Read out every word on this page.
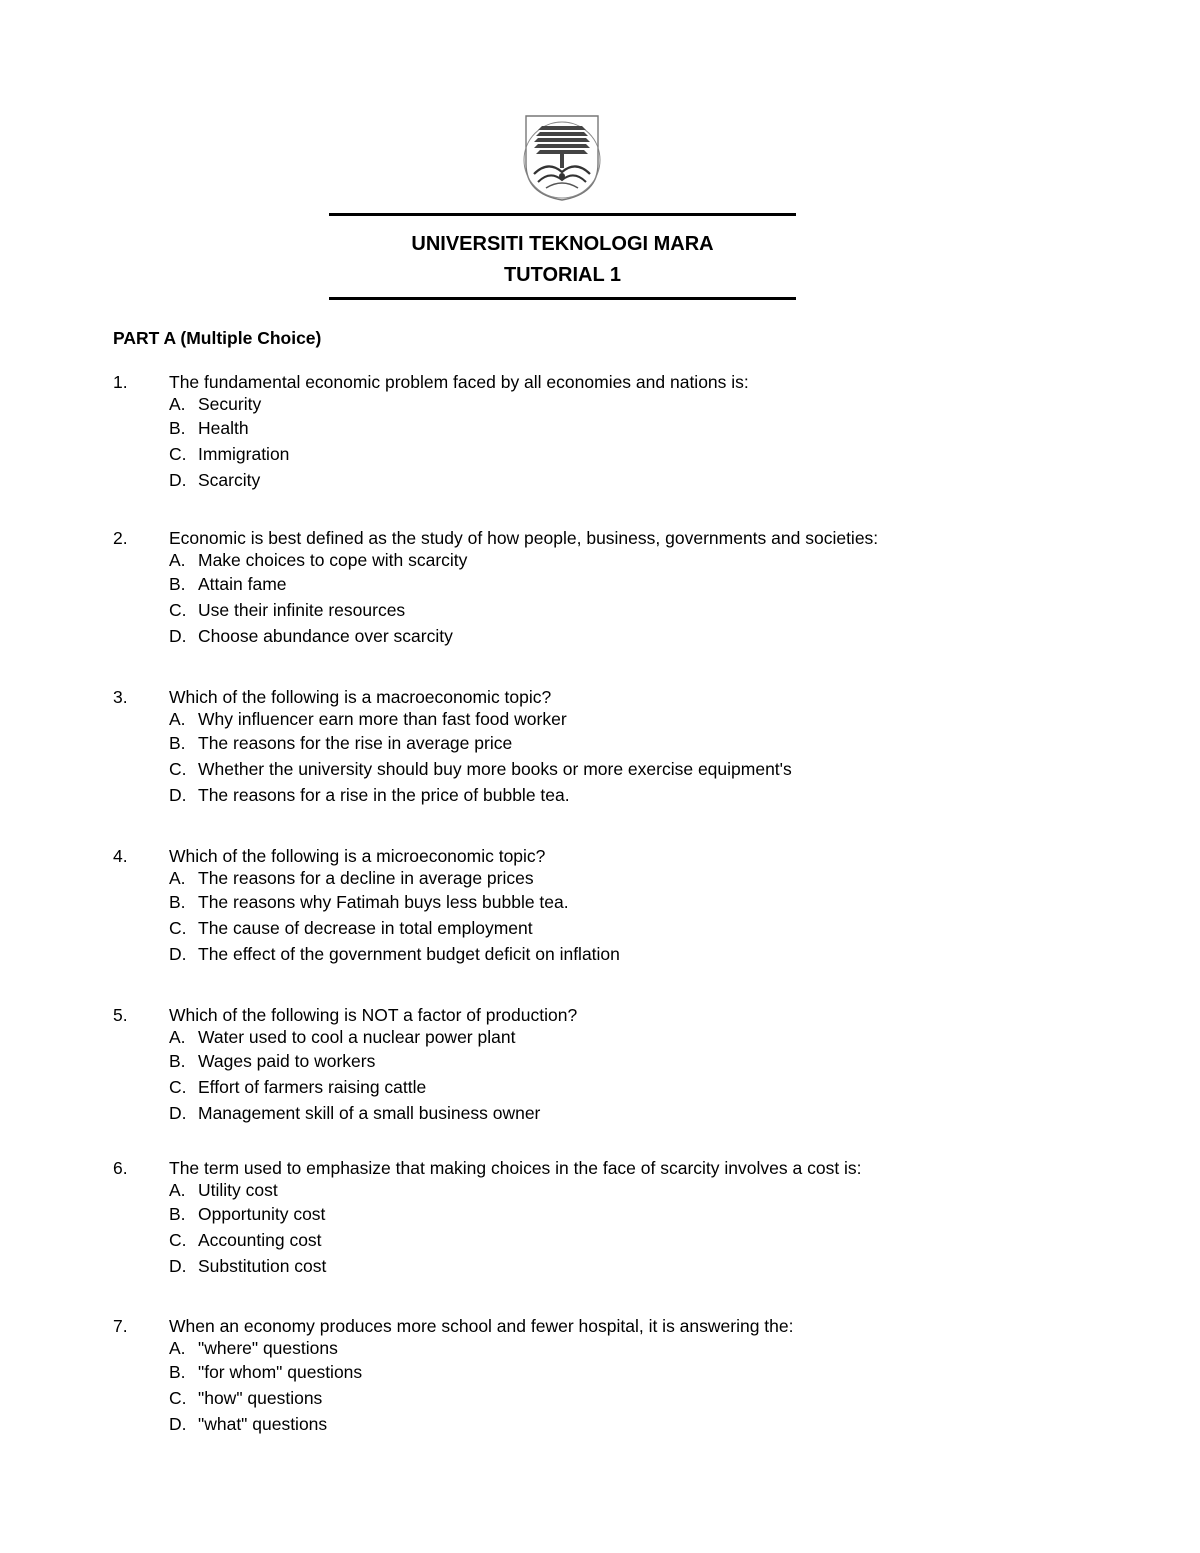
UNIVERSITI TEKNOLOGI MARA
TUTORIAL 1
PART A (Multiple Choice)
1. The fundamental economic problem faced by all economies and nations is:
A. Security
B. Health
C. Immigration
D. Scarcity
2. Economic is best defined as the study of how people, business, governments and societies:
A. Make choices to cope with scarcity
B. Attain fame
C. Use their infinite resources
D. Choose abundance over scarcity
3. Which of the following is a macroeconomic topic?
A. Why influencer earn more than fast food worker
B. The reasons for the rise in average price
C. Whether the university should buy more books or more exercise equipment's
D. The reasons for a rise in the price of bubble tea.
4. Which of the following is a microeconomic topic?
A. The reasons for a decline in average prices
B. The reasons why Fatimah buys less bubble tea.
C. The cause of decrease in total employment
D. The effect of the government budget deficit on inflation
5. Which of the following is NOT a factor of production?
A. Water used to cool a nuclear power plant
B. Wages paid to workers
C. Effort of farmers raising cattle
D. Management skill of a small business owner
6. The term used to emphasize that making choices in the face of scarcity involves a cost is:
A. Utility cost
B. Opportunity cost
C. Accounting cost
D. Substitution cost
7. When an economy produces more school and fewer hospital, it is answering the:
A. "where" questions
B. "for whom" questions
C. "how" questions
D. "what" questions
